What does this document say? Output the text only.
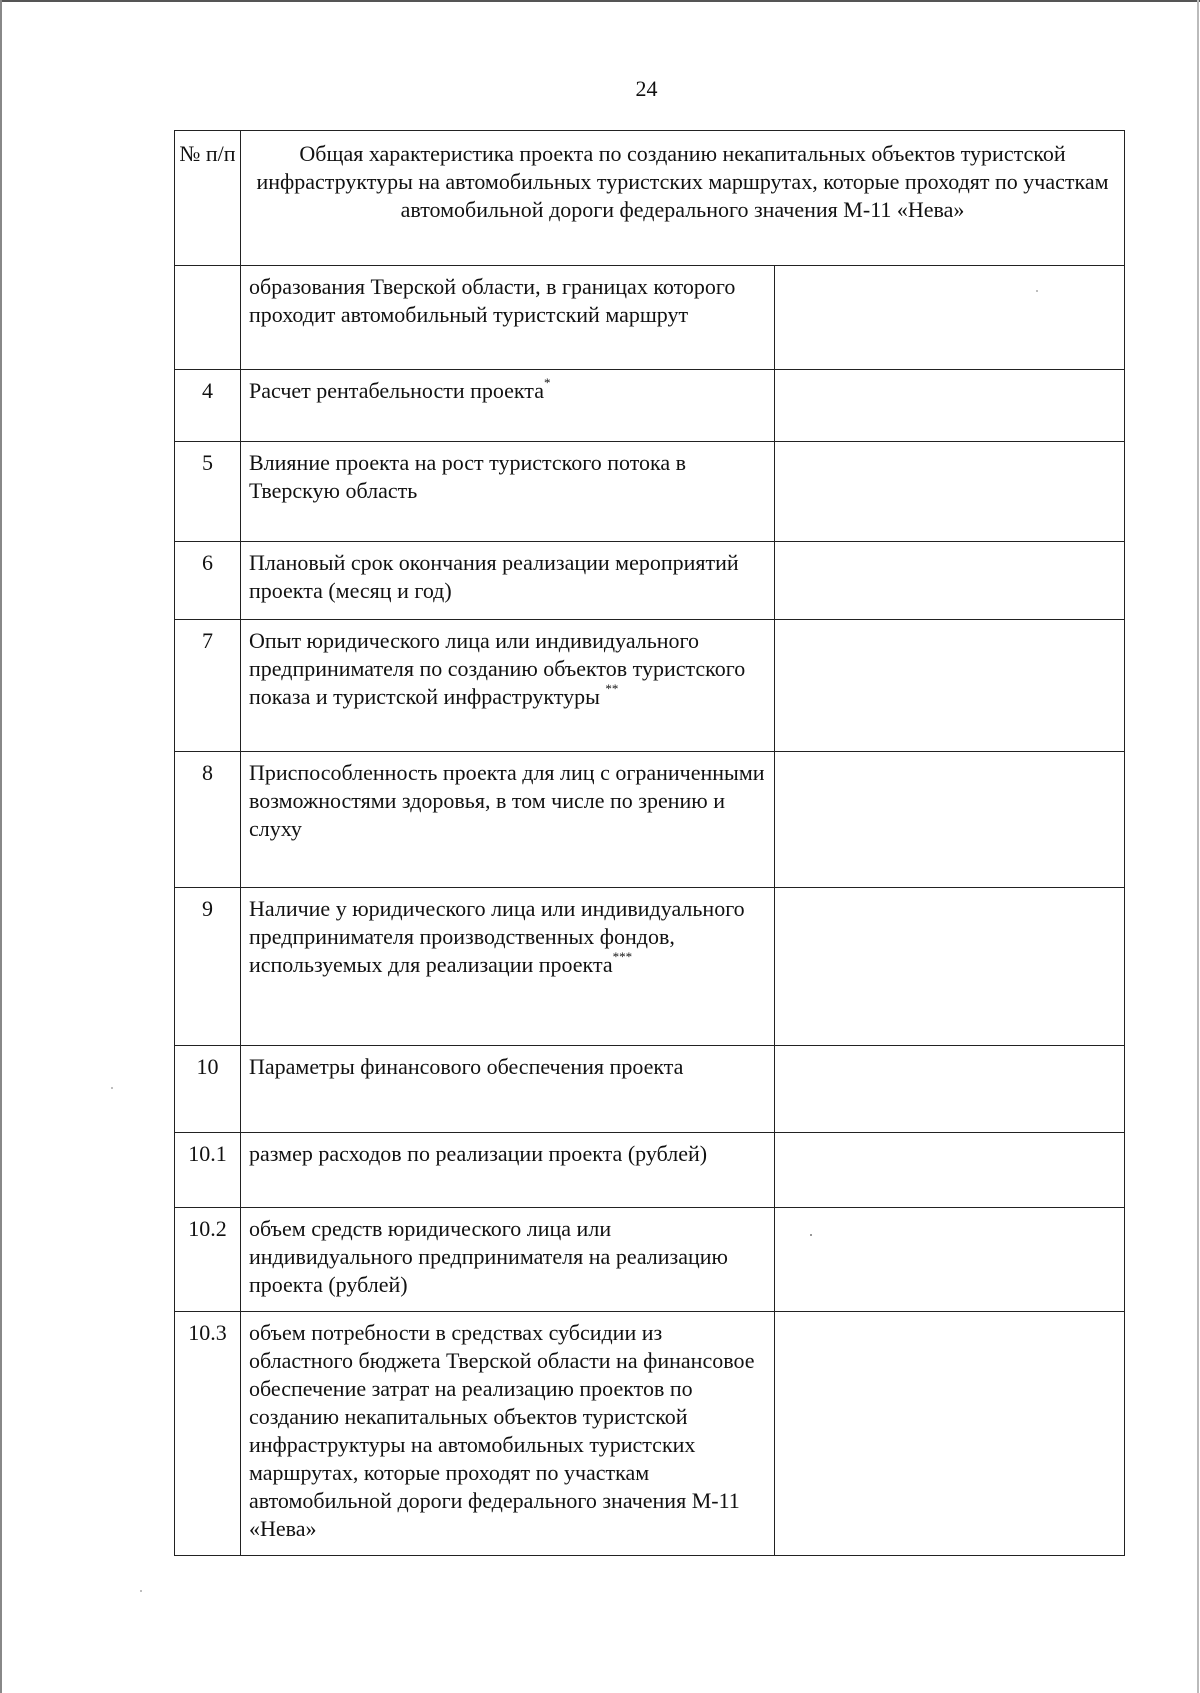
24
№ п/п	Общая характеристика проекта по созданию некапитальных объектов туристской инфраструктуры на автомобильных туристских маршрутах, которые проходят по участкам автомобильной дороги федерального значения М-11 «Нева»	
	образования Тверской области, в границах которого проходит автомобильный туристский маршрут	
4	Расчет рентабельности проекта*	
5	Влияние проекта на рост туристского потока в Тверскую область	
6	Плановый срок окончания реализации мероприятий проекта (месяц и год)	
7	Опыт юридического лица или индивидуального предпринимателя по созданию объектов туристского показа и туристской инфраструктуры **	
8	Приспособленность проекта для лиц с ограниченными возможностями здоровья, в том числе по зрению и слуху	
9	Наличие у юридического лица или индивидуального предпринимателя производственных фондов, используемых для реализации проекта***	
10	Параметры финансового обеспечения проекта	
10.1	размер расходов по реализации проекта (рублей)	
10.2	объем средств юридического лица или индивидуального предпринимателя на реализацию проекта (рублей)	
10.3	объем потребности в средствах субсидии из областного бюджета Тверской области на финансовое обеспечение затрат на реализацию проектов по созданию некапитальных объектов туристской инфраструктуры на автомобильных туристских маршрутах, которые проходят по участкам автомобильной дороги федерального значения М-11 «Нева»	
